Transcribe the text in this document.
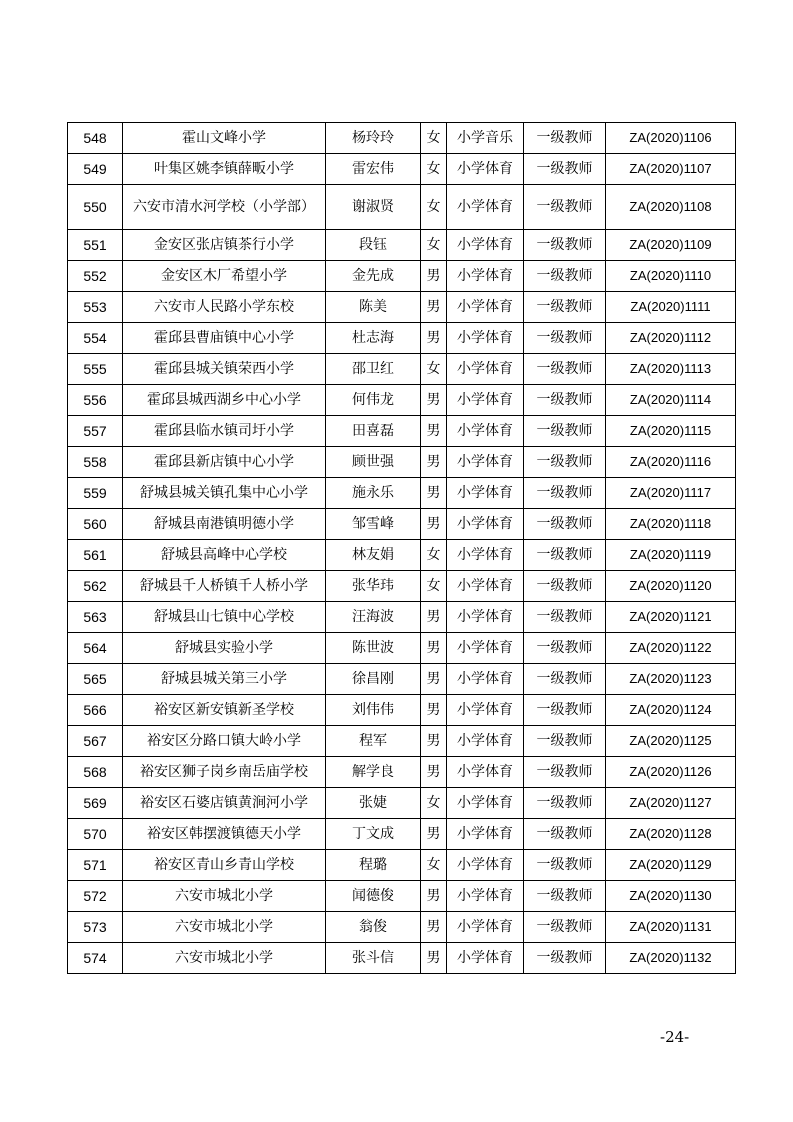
548	霍山文峰小学	杨玲玲	女	小学音乐	一级教师	ZA(2020)1106
549	叶集区姚李镇薛畈小学	雷宏伟	女	小学体育	一级教师	ZA(2020)1107
550	六安市清水河学校（小学部）	谢淑贤	女	小学体育	一级教师	ZA(2020)1108
551	金安区张店镇茶行小学	段钰	女	小学体育	一级教师	ZA(2020)1109
552	金安区木厂希望小学	金先成	男	小学体育	一级教师	ZA(2020)1110
553	六安市人民路小学东校	陈美	男	小学体育	一级教师	ZA(2020)1111
554	霍邱县曹庙镇中心小学	杜志海	男	小学体育	一级教师	ZA(2020)1112
555	霍邱县城关镇荣西小学	邵卫红	女	小学体育	一级教师	ZA(2020)1113
556	霍邱县城西湖乡中心小学	何伟龙	男	小学体育	一级教师	ZA(2020)1114
557	霍邱县临水镇司圩小学	田喜磊	男	小学体育	一级教师	ZA(2020)1115
558	霍邱县新店镇中心小学	顾世强	男	小学体育	一级教师	ZA(2020)1116
559	舒城县城关镇孔集中心小学	施永乐	男	小学体育	一级教师	ZA(2020)1117
560	舒城县南港镇明德小学	邹雪峰	男	小学体育	一级教师	ZA(2020)1118
561	舒城县高峰中心学校	林友娟	女	小学体育	一级教师	ZA(2020)1119
562	舒城县千人桥镇千人桥小学	张华玮	女	小学体育	一级教师	ZA(2020)1120
563	舒城县山七镇中心学校	汪海波	男	小学体育	一级教师	ZA(2020)1121
564	舒城县实验小学	陈世波	男	小学体育	一级教师	ZA(2020)1122
565	舒城县城关第三小学	徐昌刚	男	小学体育	一级教师	ZA(2020)1123
566	裕安区新安镇新圣学校	刘伟伟	男	小学体育	一级教师	ZA(2020)1124
567	裕安区分路口镇大岭小学	程军	男	小学体育	一级教师	ZA(2020)1125
568	裕安区狮子岗乡南岳庙学校	解学良	男	小学体育	一级教师	ZA(2020)1126
569	裕安区石婆店镇黄涧河小学	张婕	女	小学体育	一级教师	ZA(2020)1127
570	裕安区韩摆渡镇德天小学	丁文成	男	小学体育	一级教师	ZA(2020)1128
571	裕安区青山乡青山学校	程璐	女	小学体育	一级教师	ZA(2020)1129
572	六安市城北小学	闻德俊	男	小学体育	一级教师	ZA(2020)1130
573	六安市城北小学	翁俊	男	小学体育	一级教师	ZA(2020)1131
574	六安市城北小学	张斗信	男	小学体育	一级教师	ZA(2020)1132
-24-
